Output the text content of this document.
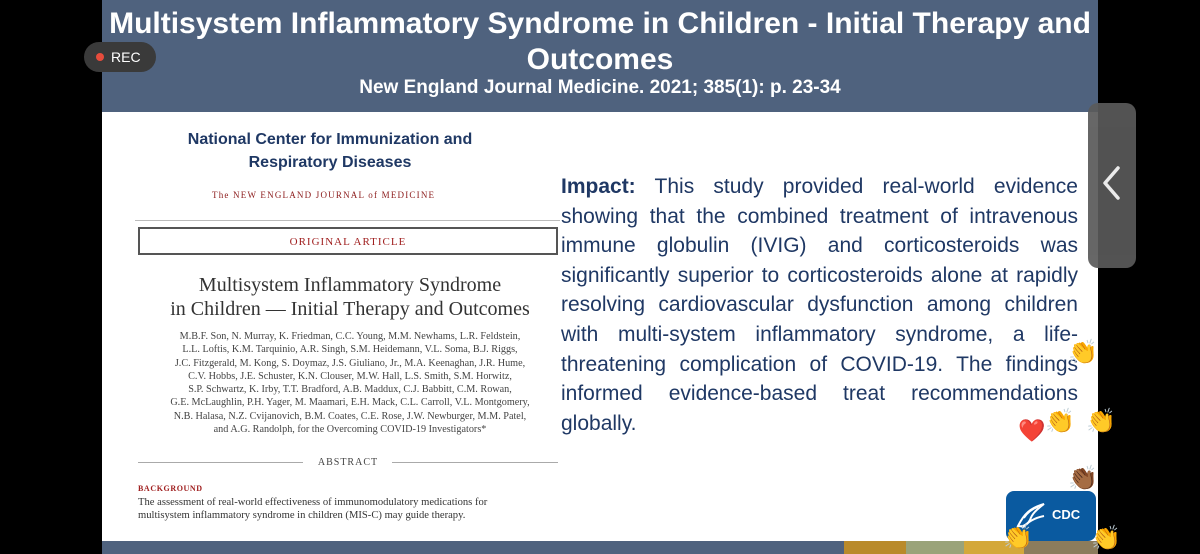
Multisystem Inflammatory Syndrome in Children - Initial Therapy and Outcomes
New England Journal Medicine. 2021; 385(1): p. 23-34
National Center for Immunization and
Respiratory Diseases
The NEW ENGLAND JOURNAL of MEDICINE
ORIGINAL ARTICLE
Multisystem Inflammatory Syndrome
in Children — Initial Therapy and Outcomes
M.B.F. Son, N. Murray, K. Friedman, C.C. Young, M.M. Newhams, L.R. Feldstein,
L.L. Loftis, K.M. Tarquinio, A.R. Singh, S.M. Heidemann, V.L. Soma, B.J. Riggs,
J.C. Fitzgerald, M. Kong, S. Doymaz, J.S. Giuliano, Jr., M.A. Keenaghan, J.R. Hume,
C.V. Hobbs, J.E. Schuster, K.N. Clouser, M.W. Hall, L.S. Smith, S.M. Horwitz,
S.P. Schwartz, K. Irby, T.T. Bradford, A.B. Maddux, C.J. Babbitt, C.M. Rowan,
G.E. McLaughlin, P.H. Yager, M. Maamari, E.H. Mack, C.L. Carroll, V.L. Montgomery,
N.B. Halasa, N.Z. Cvijanovich, B.M. Coates, C.E. Rose, J.W. Newburger, M.M. Patel,
and A.G. Randolph, for the Overcoming COVID-19 Investigators*
ABSTRACT
BACKGROUND
The assessment of real-world effectiveness of immunomodulatory medications for
multisystem inflammatory syndrome in children (MIS-C) may guide therapy.
Impact: This study provided real-world evidence showing that the combined treatment of intravenous immune globulin (IVIG) and corticosteroids was significantly superior to corticosteroids alone at rapidly resolving cardiovascular dysfunction among children with multi-system inflammatory syndrome, a life-threatening complication of COVID-19. The findings informed evidence-based treat recommendations globally.
CDC
REC
👏
👏
❤️ 👏
👏🏾
👏 👏
